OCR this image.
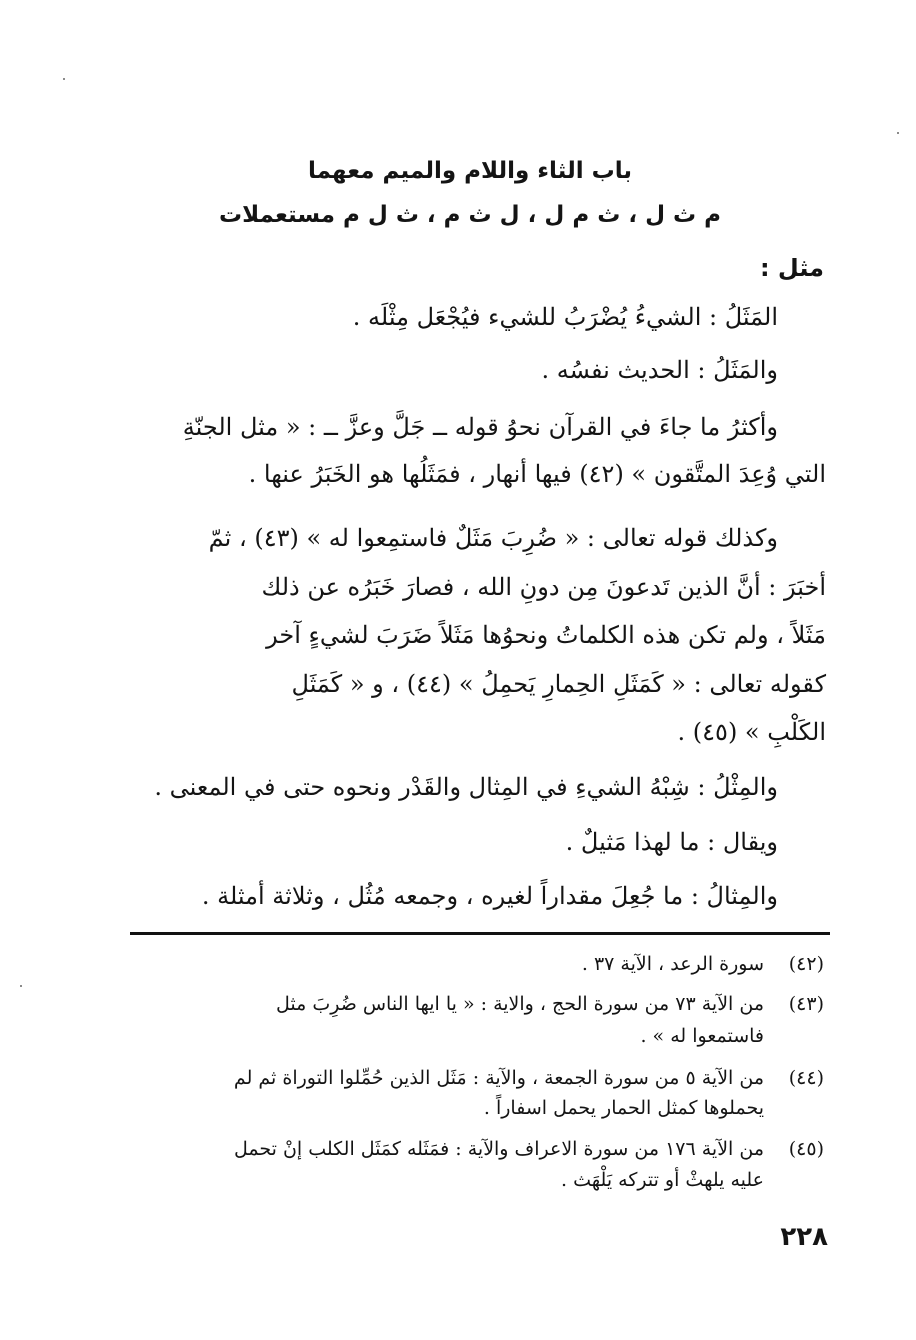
باب الثاء واللام والميم معهما
م ث ل ، ث م ل ، ل ث م ، ث ل م مستعملات
مثل :
المَثَلُ : الشيءُ يُضْرَبُ للشيء فيُجْعَل مِثْلَه .
والمَثَلُ : الحديث نفسُه .
وأكثرُ ما جاءَ في القرآن نحوُ قوله ــ جَلَّ وعزَّ ــ : « مثل الجنّةِ
التي وُعِدَ المتَّقون » (٤٢) فيها أنهار ، فمَثَلُها هو الخَبَرُ عنها .
وكذلك قوله تعالى : « ضُرِبَ مَثَلٌ فاستمِعوا له » (٤٣) ، ثمّ
أخبَرَ : أنَّ الذين تَدعونَ مِن دونِ الله ، فصارَ خَبَرُه عن ذلك
مَثَلاً ، ولم تكن هذه الكلماتُ ونحوُها مَثَلاً ضَرَبَ لشيءٍ آخر
كقوله تعالى : « كَمَثَلِ الحِمارِ يَحمِلُ » (٤٤) ، و « كَمَثَلِ
الكَلْبِ » (٤٥) .
والمِثْلُ : شِبْهُ الشيءِ في المِثال والقَدْر ونحوه حتى في المعنى .
ويقال : ما لهذا مَثيلٌ .
والمِثالُ : ما جُعِلَ مقداراً لغيره ، وجمعه مُثُل ، وثلاثة أمثلة .
(٤٢)
سورة الرعد ، الآية ٣٧ .
(٤٣)
من الآية ٧٣ من سورة الحج ، والاية : « يا ايها الناس ضُرِبَ مثل
فاستمعوا له » .
(٤٤)
من الآية ٥ من سورة الجمعة ، والآية : مَثَل الذين حُمِّلوا التوراة ثم لم
يحملوها كمثل الحمار يحمل اسفاراً .
(٤٥)
من الآية ١٧٦ من سورة الاعراف والآية : فمَثَله كمَثَل الكلب إنْ تحمل
عليه يلهثْ أو تتركه يَلْهَث .
٢٢٨
